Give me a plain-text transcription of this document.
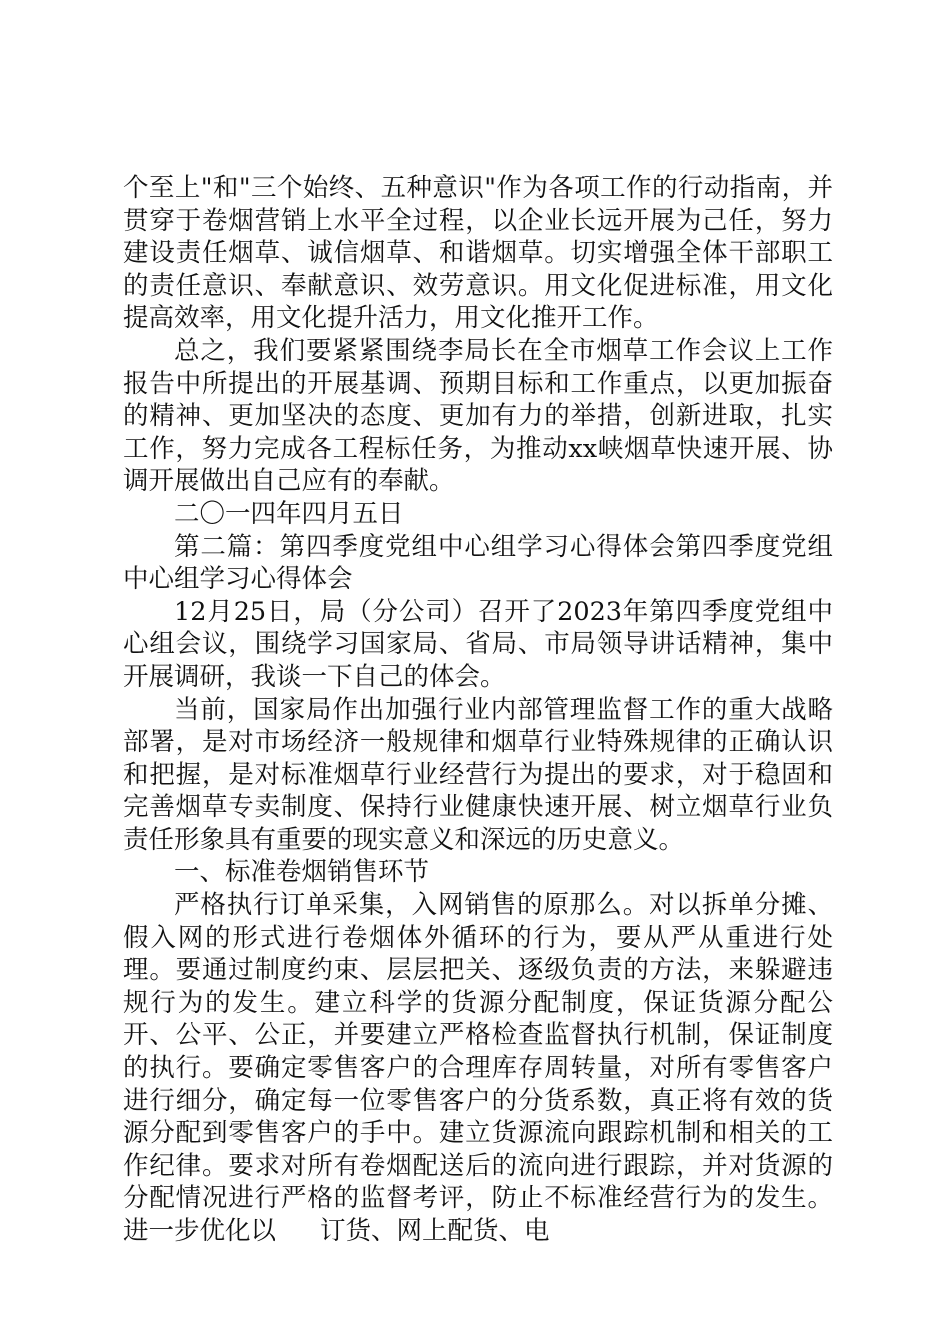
个至上"和"三个始终、五种意识"作为各项工作的行动指南，并贯穿于卷烟营销上水平全过程，以企业长远开展为己任，努力建设责任烟草、诚信烟草、和谐烟草。切实增强全体干部职工的责任意识、奉献意识、效劳意识。用文化促进标准，用文化提高效率，用文化提升活力，用文化推开工作。

总之，我们要紧紧围绕李局长在全市烟草工作会议上工作报告中所提出的开展基调、预期目标和工作重点，以更加振奋的精神、更加坚决的态度、更加有力的举措，创新进取，扎实工作，努力完成各工程标任务，为推动xx峡烟草快速开展、协调开展做出自己应有的奉献。

二〇一四年四月五日

第二篇：第四季度党组中心组学习心得体会第四季度党组中心组学习心得体会

12月25日，局（分公司）召开了2023年第四季度党组中心组会议，围绕学习国家局、省局、市局领导讲话精神，集中开展调研，我谈一下自己的体会。

当前，国家局作出加强行业内部管理监督工作的重大战略部署，是对市场经济一般规律和烟草行业特殊规律的正确认识和把握，是对标准烟草行业经营行为提出的要求，对于稳固和完善烟草专卖制度、保持行业健康快速开展、树立烟草行业负责任形象具有重要的现实意义和深远的历史意义。

一、标准卷烟销售环节

严格执行订单采集，入网销售的原那么。对以拆单分摊、假入网的形式进行卷烟体外循环的行为，要从严从重进行处理。要通过制度约束、层层把关、逐级负责的方法，来躲避违规行为的发生。建立科学的货源分配制度，保证货源分配公开、公平、公正，并要建立严格检查监督执行机制，保证制度的执行。要确定零售客户的合理库存周转量，对所有零售客户进行细分，确定每一位零售客户的分货系数，真正将有效的货源分配到零售客户的手中。建立货源流向跟踪机制和相关的工作纪律。要求对所有卷烟配送后的流向进行跟踪，并对货源的分配情况进行严格的监督考评，防止不标准经营行为的发生。进一步优化以 订货、网上配货、电
